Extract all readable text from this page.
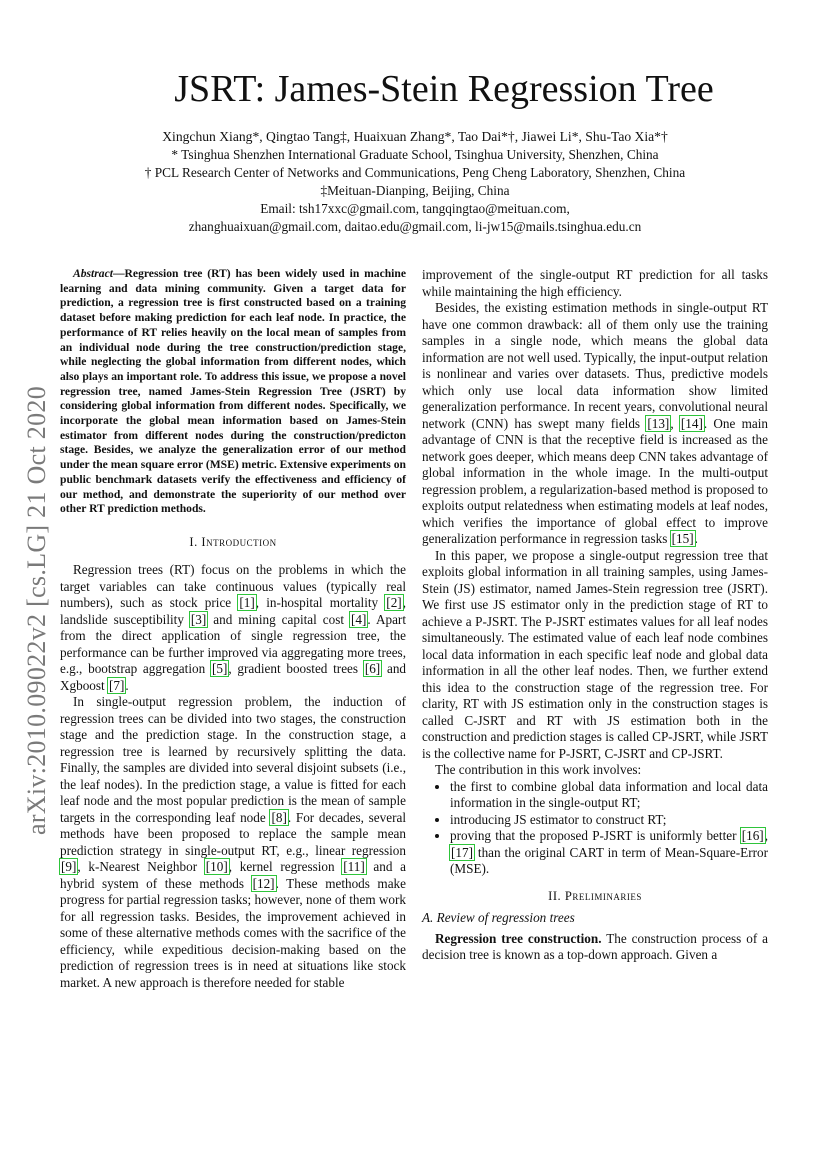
arXiv:2010.09022v2 [cs.LG] 21 Oct 2020
JSRT: James-Stein Regression Tree
Xingchun Xiang*, Qingtao Tang‡, Huaixuan Zhang*, Tao Dai*†, Jiawei Li*, Shu-Tao Xia*†
* Tsinghua Shenzhen International Graduate School, Tsinghua University, Shenzhen, China
† PCL Research Center of Networks and Communications, Peng Cheng Laboratory, Shenzhen, China
‡Meituan-Dianping, Beijing, China
Email: tsh17xxc@gmail.com, tangqingtao@meituan.com,
zhanghuaixuan@gmail.com, daitao.edu@gmail.com, li-jw15@mails.tsinghua.edu.cn

Abstract—Regression tree (RT) has been widely used in machine learning and data mining community. Given a target data for prediction, a regression tree is first constructed based on a training dataset before making prediction for each leaf node. In practice, the performance of RT relies heavily on the local mean of samples from an individual node during the tree construction/prediction stage, while neglecting the global information from different nodes, which also plays an important role. To address this issue, we propose a novel regression tree, named James-Stein Regression Tree (JSRT) by considering global information from different nodes. Specifically, we incorporate the global mean information based on James-Stein estimator from different nodes during the construction/predicton stage. Besides, we analyze the generalization error of our method under the mean square error (MSE) metric. Extensive experiments on public benchmark datasets verify the effectiveness and efficiency of our method, and demonstrate the superiority of our method over other RT prediction methods.

I. Introduction

Regression trees (RT) focus on the problems in which the target variables can take continuous values (typically real numbers), such as stock price [1], in-hospital mortality [2], landslide susceptibility [3] and mining capital cost [4]. Apart from the direct application of single regression tree, the performance can be further improved via aggregating more trees, e.g., bootstrap aggregation [5], gradient boosted trees [6] and Xgboost [7].

In single-output regression problem, the induction of regression trees can be divided into two stages, the construction stage and the prediction stage. In the construction stage, a regression tree is learned by recursively splitting the data. Finally, the samples are divided into several disjoint subsets (i.e., the leaf nodes). In the prediction stage, a value is fitted for each leaf node and the most popular prediction is the mean of sample targets in the corresponding leaf node [8]. For decades, several methods have been proposed to replace the sample mean prediction strategy in single-output RT, e.g., linear regression [9], k-Nearest Neighbor [10], kernel regression [11] and a hybrid system of these methods [12]. These methods make progress for partial regression tasks; however, none of them work for all regression tasks. Besides, the improvement achieved in some of these alternative methods comes with the sacrifice of the efficiency, while expeditious decision-making based on the prediction of regression trees is in need at situations like stock market. A new approach is therefore needed for stable

improvement of the single-output RT prediction for all tasks while maintaining the high efficiency.

Besides, the existing estimation methods in single-output RT have one common drawback: all of them only use the training samples in a single node, which means the global data information are not well used. Typically, the input-output relation is nonlinear and varies over datasets. Thus, predictive models which only use local data information show limited generalization performance. In recent years, convolutional neural network (CNN) has swept many fields [13], [14]. One main advantage of CNN is that the receptive field is increased as the network goes deeper, which means deep CNN takes advantage of global information in the whole image. In the multi-output regression problem, a regularization-based method is proposed to exploits output relatedness when estimating models at leaf nodes, which verifies the importance of global effect to improve generalization performance in regression tasks [15].

In this paper, we propose a single-output regression tree that exploits global information in all training samples, using James-Stein (JS) estimator, named James-Stein regression tree (JSRT). We first use JS estimator only in the prediction stage of RT to achieve a P-JSRT. The P-JSRT estimates values for all leaf nodes simultaneously. The estimated value of each leaf node combines local data information in each specific leaf node and global data information in all the other leaf nodes. Then, we further extend this idea to the construction stage of the regression tree. For clarity, RT with JS estimation only in the construction stages is called C-JSRT and RT with JS estimation both in the construction and prediction stages is called CP-JSRT, while JSRT is the collective name for P-JSRT, C-JSRT and CP-JSRT.

The contribution in this work involves:

• the first to combine global data information and local data information in the single-output RT;
• introducing JS estimator to construct RT;
• proving that the proposed P-JSRT is uniformly better [16], [17] than the original CART in term of Mean-Square-Error (MSE).
II. Preliminaries
A. Review of regression trees

Regression tree construction. The construction process of a decision tree is known as a top-down approach. Given a
